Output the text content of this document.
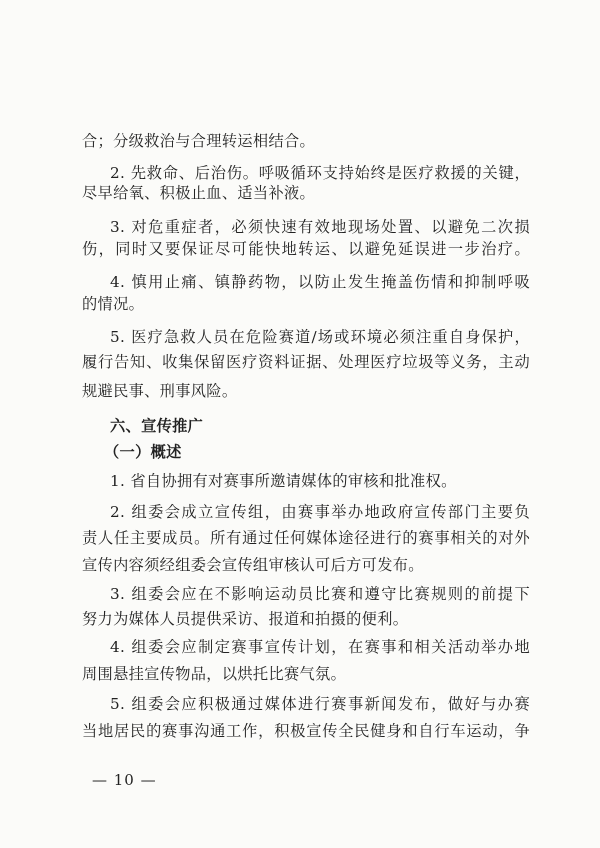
合；分级救治与合理转运相结合。
2. 先救命、后治伤。呼吸循环支持始终是医疗救援的关键，
尽早给氧、积极止血、适当补液。
3. 对危重症者，必须快速有效地现场处置、以避免二次损
伤，同时又要保证尽可能快地转运、以避免延误进一步治疗。
4. 慎用止痛、镇静药物，以防止发生掩盖伤情和抑制呼吸
的情况。
5. 医疗急救人员在危险赛道/场或环境必须注重自身保护，
履行告知、收集保留医疗资料证据、处理医疗垃圾等义务，主动
规避民事、刑事风险。
六、宣传推广
（一）概述
1. 省自协拥有对赛事所邀请媒体的审核和批准权。
2. 组委会成立宣传组，由赛事举办地政府宣传部门主要负
责人任主要成员。所有通过任何媒体途径进行的赛事相关的对外
宣传内容须经组委会宣传组审核认可后方可发布。
3. 组委会应在不影响运动员比赛和遵守比赛规则的前提下
努力为媒体人员提供采访、报道和拍摄的便利。
4. 组委会应制定赛事宣传计划，在赛事和相关活动举办地
周围悬挂宣传物品，以烘托比赛气氛。
5. 组委会应积极通过媒体进行赛事新闻发布，做好与办赛
当地居民的赛事沟通工作，积极宣传全民健身和自行车运动，争
— 10 —
